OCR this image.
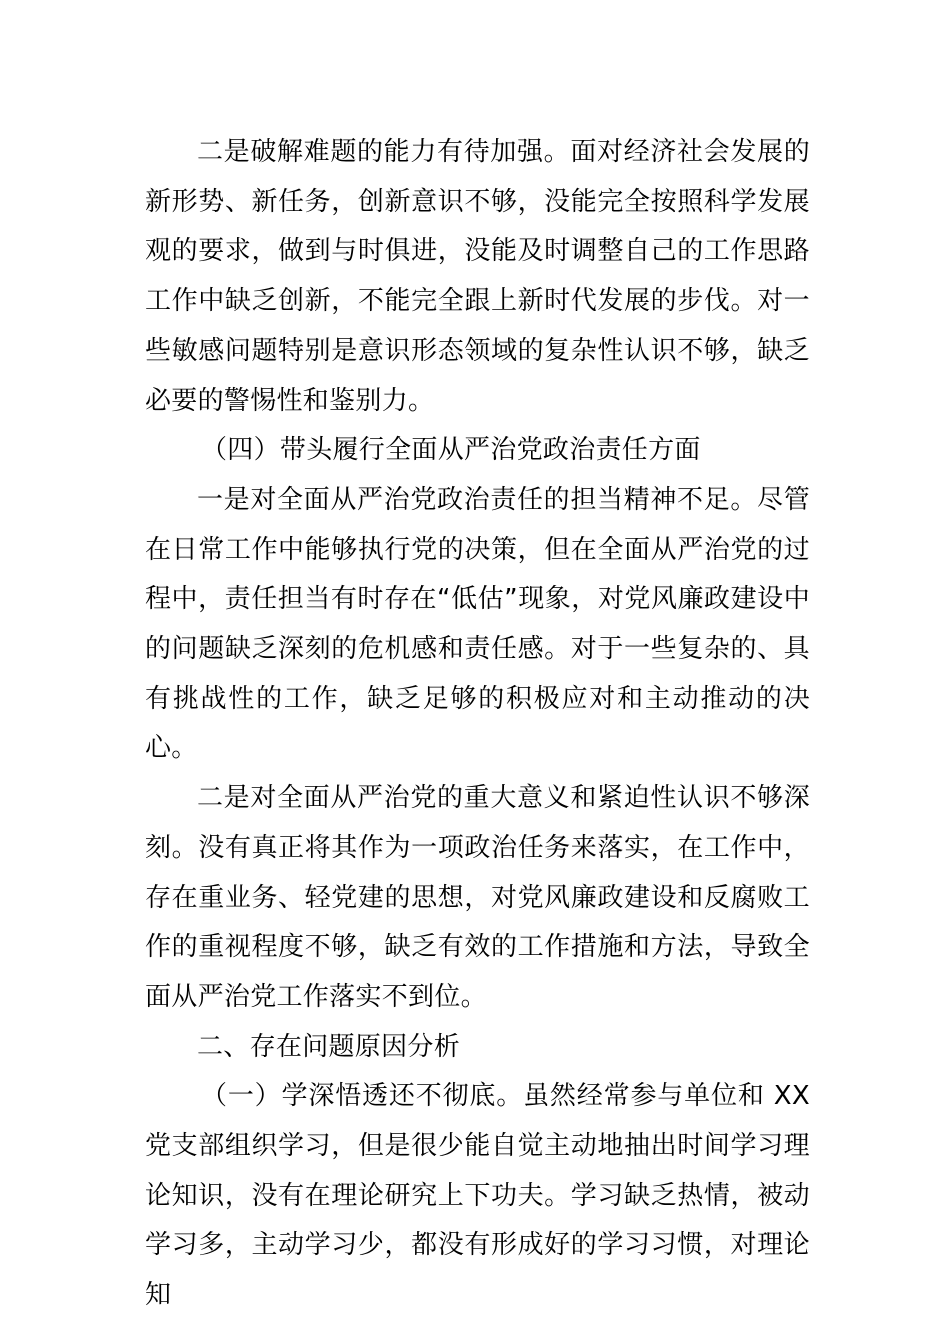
二是破解难题的能力有待加强。面对经济社会发展的新形势、新任务，创新意识不够，没能完全按照科学发展观的要求，做到与时俱进，没能及时调整自己的工作思路工作中缺乏创新，不能完全跟上新时代发展的步伐。对一些敏感问题特别是意识形态领域的复杂性认识不够，缺乏必要的警惕性和鉴别力。

（四）带头履行全面从严治党政治责任方面

一是对全面从严治党政治责任的担当精神不足。尽管在日常工作中能够执行党的决策，但在全面从严治党的过程中，责任担当有时存在“低估”现象，对党风廉政建设中的问题缺乏深刻的危机感和责任感。对于一些复杂的、具有挑战性的工作，缺乏足够的积极应对和主动推动的决心。

二是对全面从严治党的重大意义和紧迫性认识不够深刻。没有真正将其作为一项政治任务来落实，在工作中，存在重业务、轻党建的思想，对党风廉政建设和反腐败工作的重视程度不够，缺乏有效的工作措施和方法，导致全面从严治党工作落实不到位。

二、存在问题原因分析

（一）学深悟透还不彻底。虽然经常参与单位和 XX 党支部组织学习，但是很少能自觉主动地抽出时间学习理论知识，没有在理论研究上下功夫。学习缺乏热情，被动学习多，主动学习少，都没有形成好的学习习惯，对理论知
